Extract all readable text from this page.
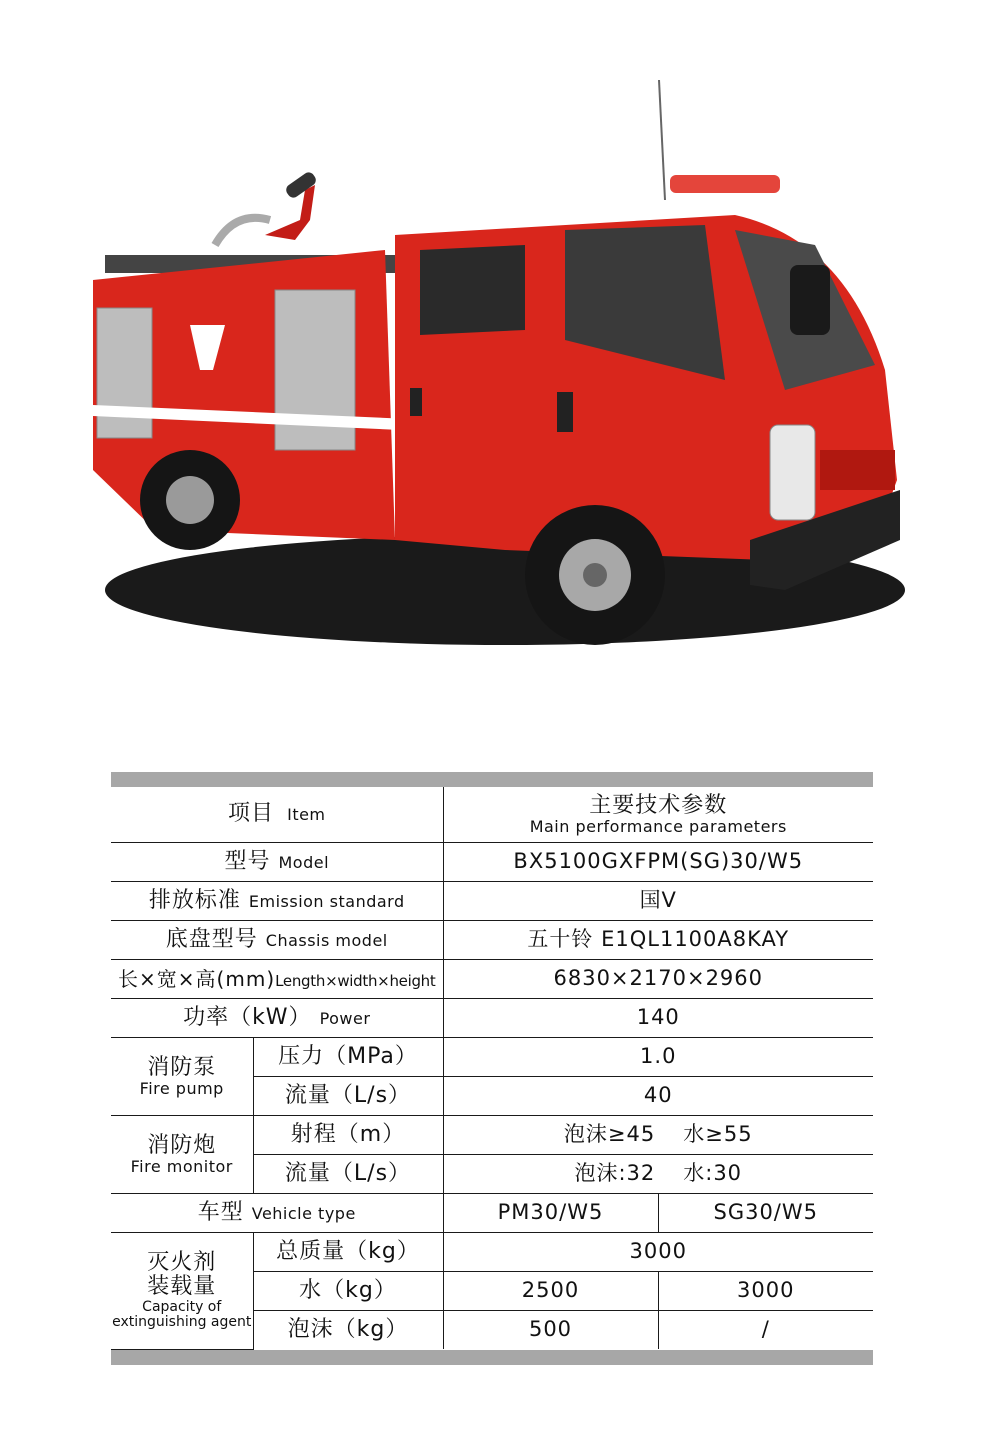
项目 Item		主要技术参数
Main performance parameters	

型号 Model		BX5100GXFPM(SG)30/W5	
排放标准 Emission standard		国V	
底盘型号 Chassis model		五十铃 E1QL1100A8KAY	
长×宽×高(mm)Length×width×height		6830×2170×2960	
功率（kW） Power		140	

消防泵
Fire pump	压力（MPa）	1.0	
	流量（L/s）	40	

消防炮
Fire monitor	射程（m）	泡沫≥45 水≥55	
	流量（L/s）	泡沫:32 水:30	
车型 Vehicle type		PM30/W5	SG30/W5

灭火剂
装载量
Capacity of
extinguishing agent	总质量（kg）	3000	
	水（kg）	2500	3000
	泡沫（kg）	500	/
